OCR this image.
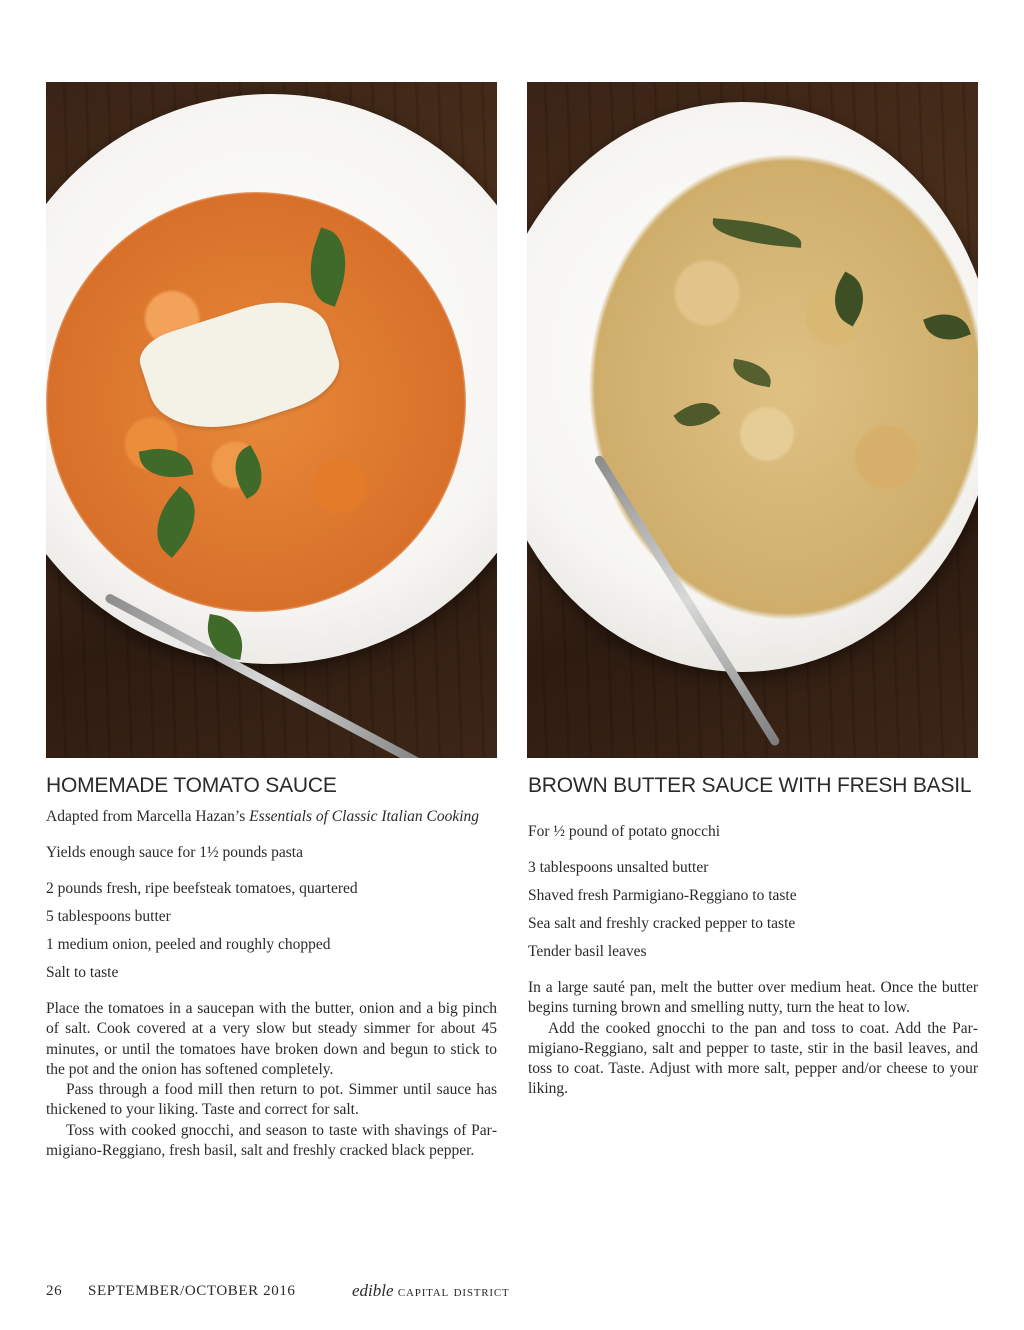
HOMEMADE TOMATO SAUCE

Adapted from Marcella Hazan’s Essentials of Classic Italian Cooking

Yields enough sauce for 1½ pounds pasta

2 pounds fresh, ripe beefsteak tomatoes, quartered

5 tablespoons butter

1 medium onion, peeled and roughly chopped

Salt to taste

Place the tomatoes in a saucepan with the butter, onion and a big pinch of salt. Cook covered at a very slow but steady simmer for about 45 minutes, or until the tomatoes have broken down and begun to stick to the pot and the onion has softened completely.
Pass through a food mill then return to pot. Simmer until sauce has thickened to your liking. Taste and correct for salt.
Toss with cooked gnocchi, and season to taste with shavings of Parmigiano-Reggiano, fresh basil, salt and freshly cracked black pepper.
BROWN BUTTER SAUCE WITH FRESH BASIL

For ½ pound of potato gnocchi

3 tablespoons unsalted butter

Shaved fresh Parmigiano-Reggiano to taste

Sea salt and freshly cracked pepper to taste

Tender basil leaves

In a large sauté pan, melt the butter over medium heat. Once the butter begins turning brown and smelling nutty, turn the heat to low.
Add the cooked gnocchi to the pan and toss to coat. Add the Parmigiano-Reggiano, salt and pepper to taste, stir in the basil leaves, and toss to coat. Taste. Adjust with more salt, pepper and/or cheese to your liking.
26 SEPTEMBER/OCTOBER 2016	edible capital district
